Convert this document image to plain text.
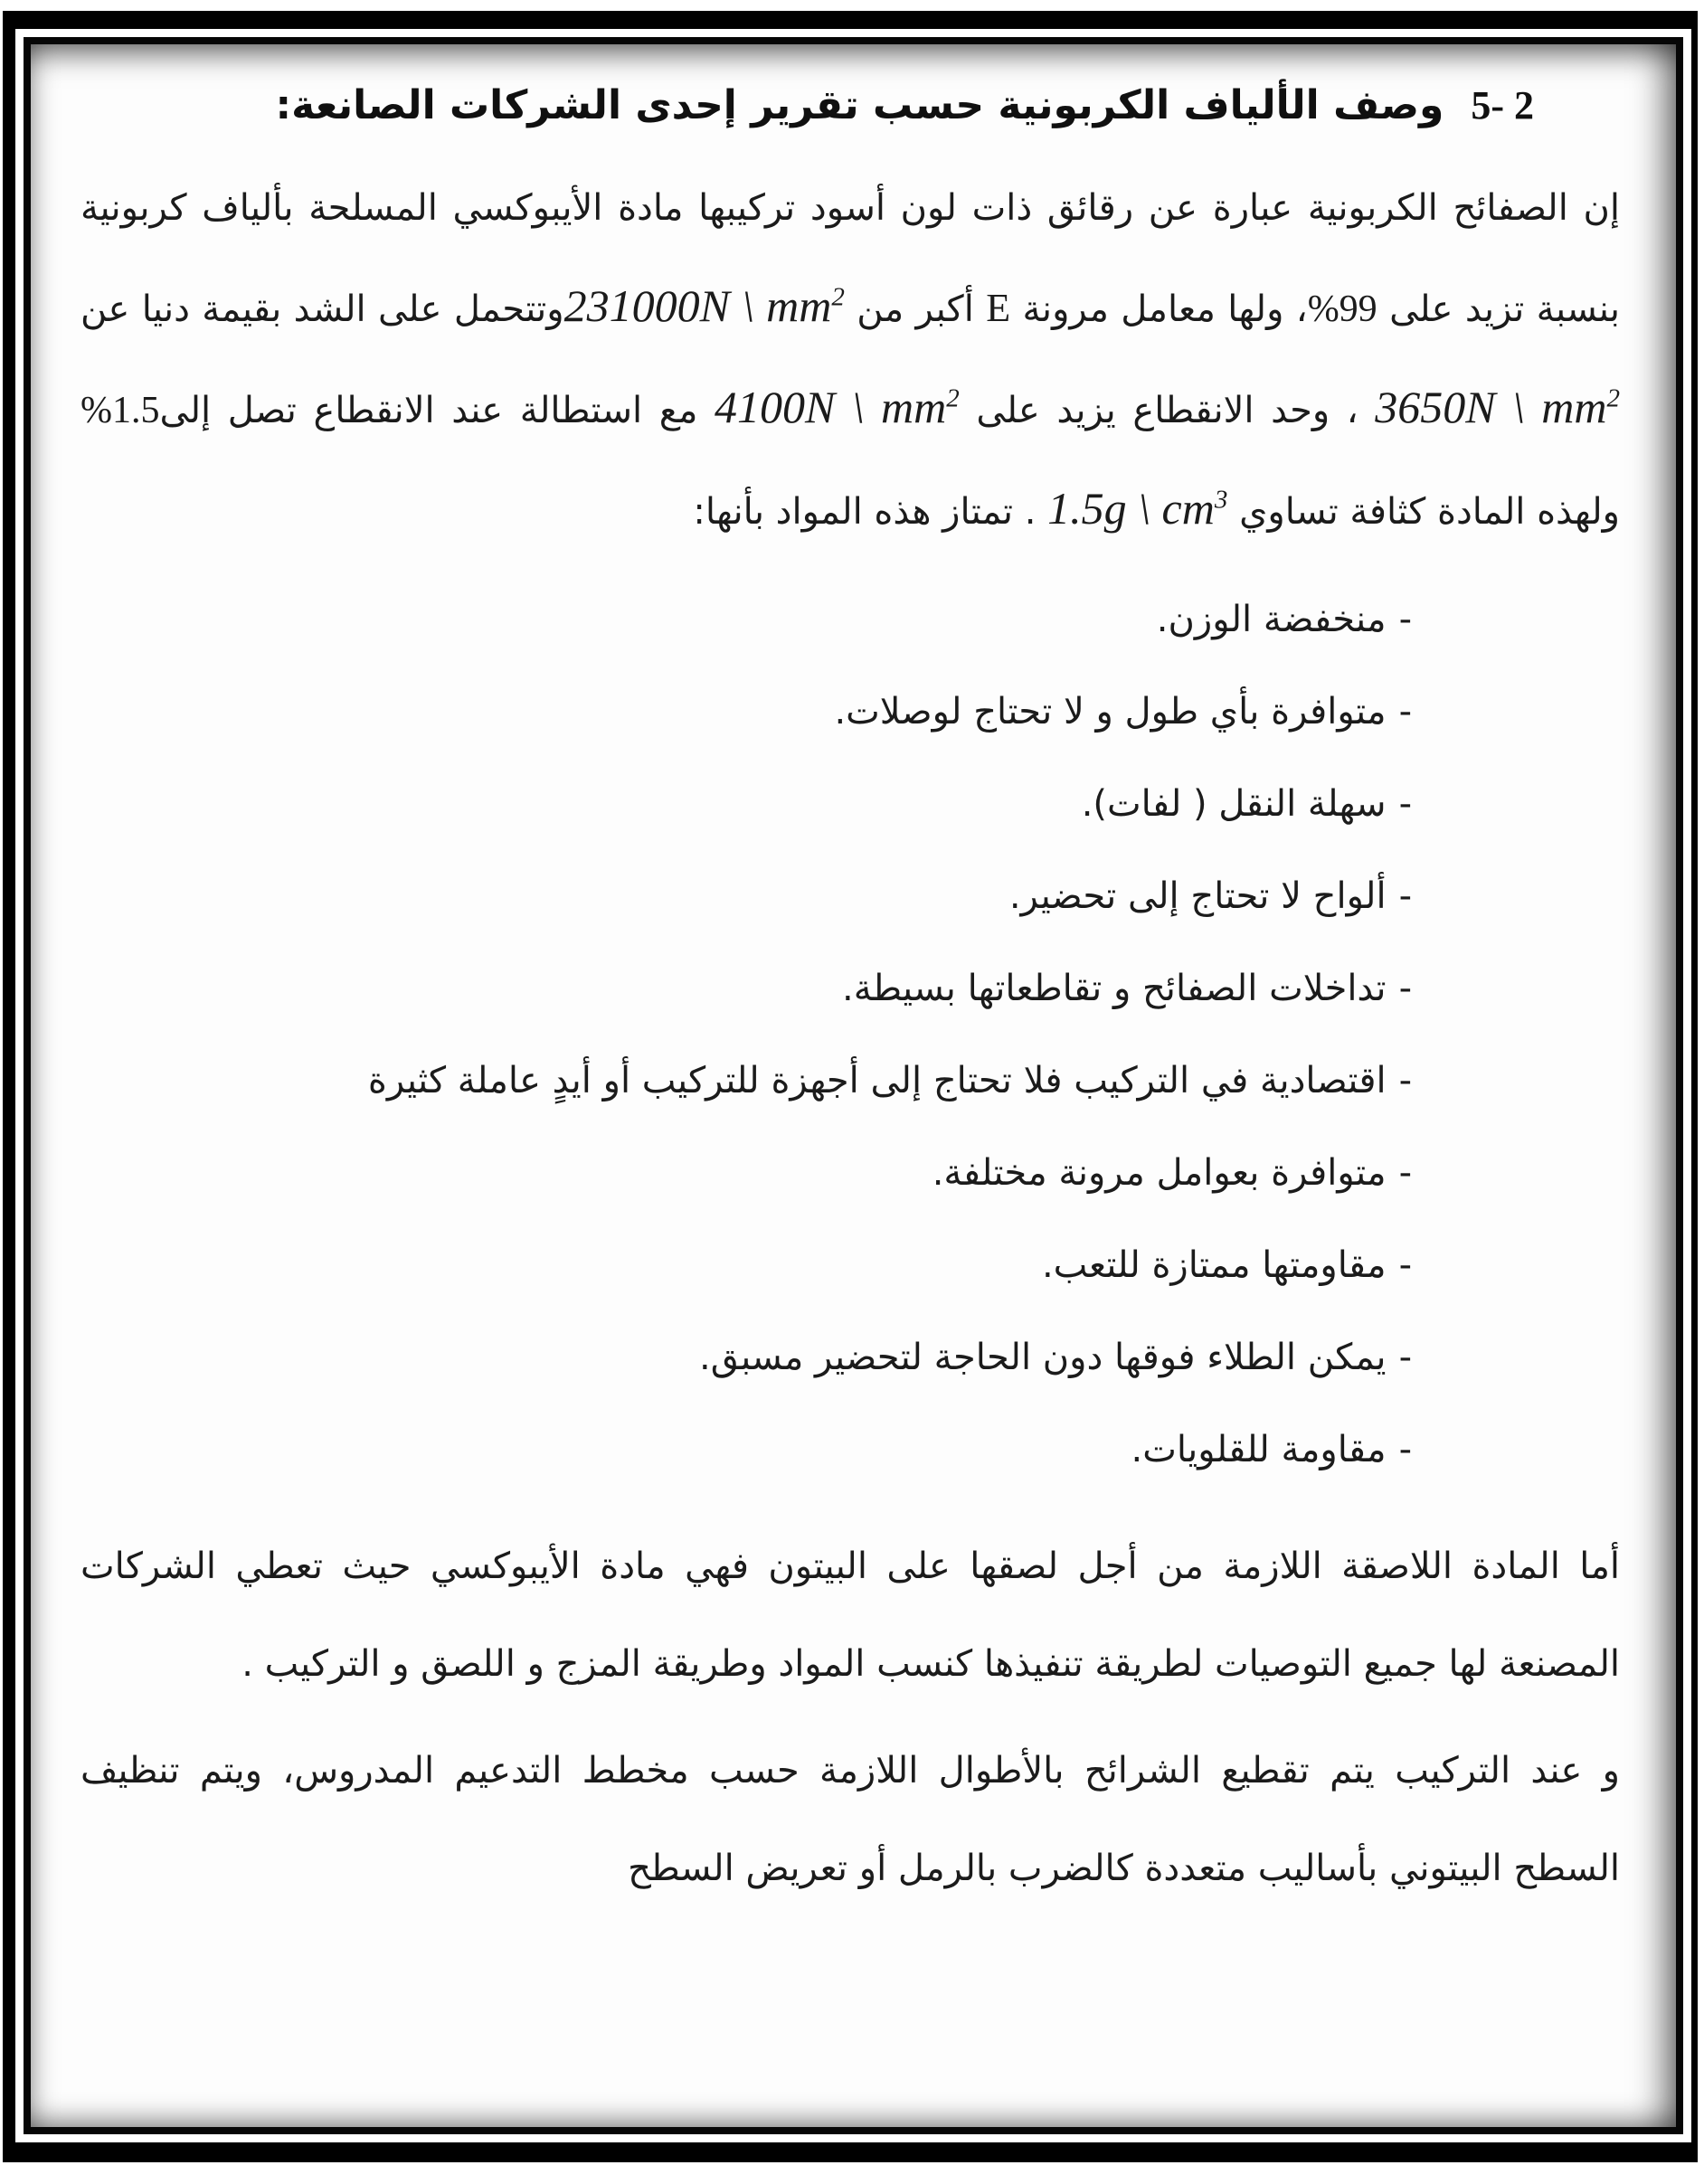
5- 2وصف الألياف الكربونية حسب تقرير إحدى الشركات الصانعة:

إن الصفائح الكربونية عبارة عن رقائق ذات لون أسود تركيبها مادة الأيبوكسي المسلحة بألياف كربونية بنسبة تزيد على %99، ولها معامل مرونة E أكبر من 231000N \ $mm^2وتتحمل$ على الشد بقيمة دنيا عن 3650N \ $mm^2$ ، وحد الانقطاع يزيد على 4100N \ $mm^2$ مع استطالة عند الانقطاع تصل إلى%1.5 ولهذه المادة كثافة تساوي 1.5g \ $cm^3$ . تمتاز هذه المواد بأنها:

-منخفضة الوزن.
-متوافرة بأي طول و لا تحتاج لوصلات.
-سهلة النقل ( لفات).
-ألواح لا تحتاج إلى تحضير.
-تداخلات الصفائح و تقاطعاتها بسيطة.
-اقتصادية في التركيب فلا تحتاج إلى أجهزة للتركيب أو أيدٍ عاملة كثيرة
-متوافرة بعوامل مرونة مختلفة.
-مقاومتها ممتازة للتعب.
-يمكن الطلاء فوقها دون الحاجة لتحضير مسبق.
-مقاومة للقلويات.

أما المادة اللاصقة اللازمة من أجل لصقها على البيتون فهي مادة الأيبوكسي حيث تعطي الشركات المصنعة لها جميع التوصيات لطريقة تنفيذها كنسب المواد وطريقة المزج و اللصق و التركيب .

و عند التركيب يتم تقطيع الشرائح بالأطوال اللازمة حسب مخطط التدعيم المدروس، ويتم تنظيف السطح البيتوني بأساليب متعددة كالضرب بالرمل أو تعريض السطح
